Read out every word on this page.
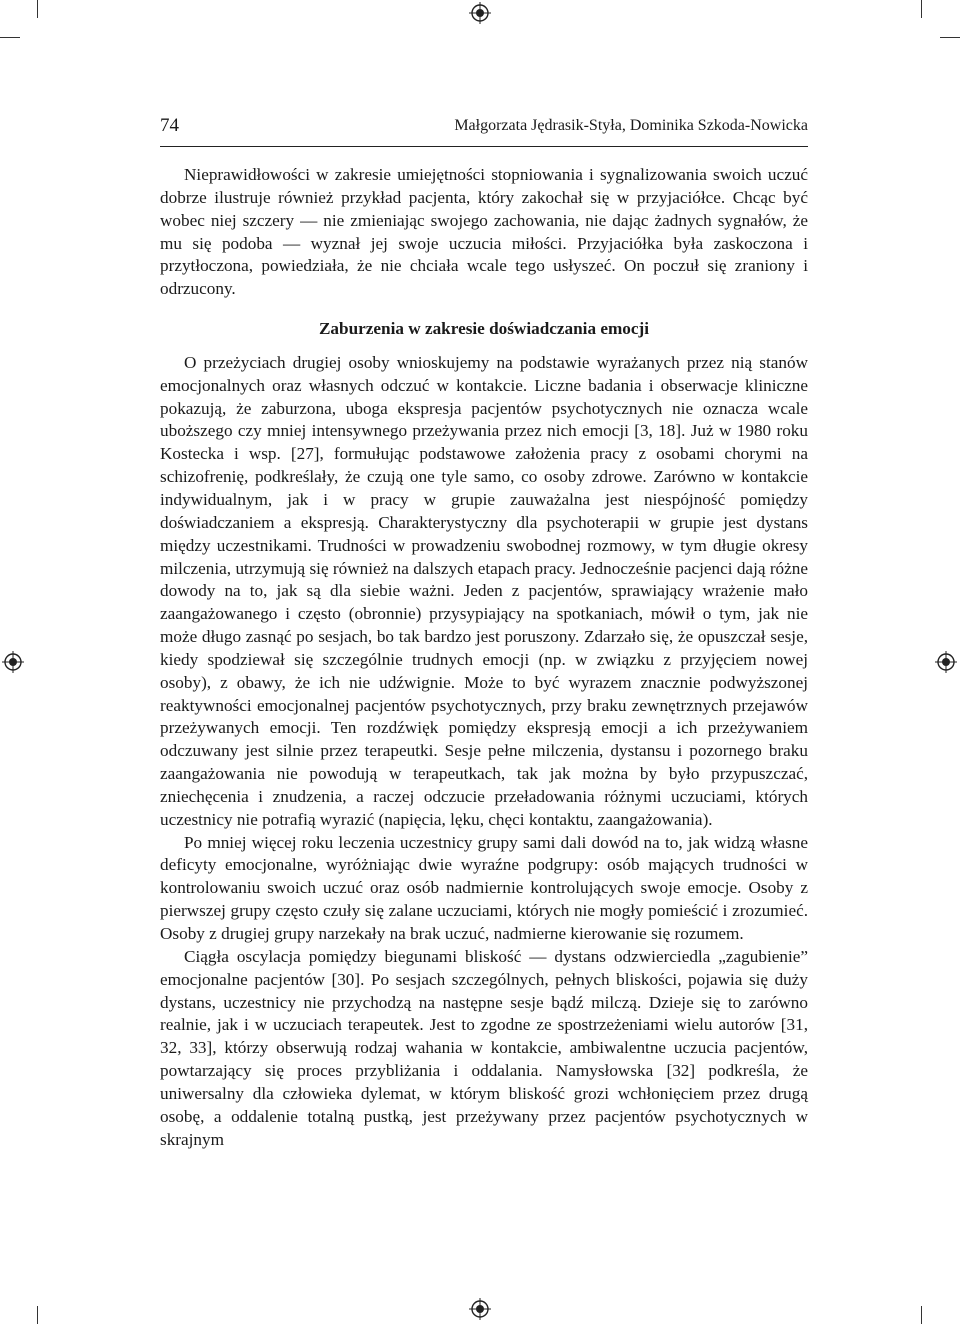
74	Małgorzata Jędrasik-Styła, Dominika Szkoda-Nowicka

Nieprawidłowości w zakresie umiejętności stopniowania i sygnalizowania swoich uczuć dobrze ilustruje również przykład pacjenta, który zakochał się w przyjaciółce. Chcąc być wobec niej szczery — nie zmieniając swojego zachowania, nie dając żadnych sygnałów, że mu się podoba — wyznał jej swoje uczucia miłości. Przyjaciółka była zaskoczona i przytłoczona, powiedziała, że nie chciała wcale tego usłyszeć. On poczuł się zraniony i odrzucony.

Zaburzenia w zakresie doświadczania emocji

O przeżyciach drugiej osoby wnioskujemy na podstawie wyrażanych przez nią stanów emocjonalnych oraz własnych odczuć w kontakcie. Liczne badania i obserwacje kliniczne pokazują, że zaburzona, uboga ekspresja pacjentów psychotycznych nie oznacza wcale uboższego czy mniej intensywnego przeżywania przez nich emocji [3, 18]. Już w 1980 roku Kostecka i wsp. [27], formułując podstawowe założenia pracy z osobami chorymi na schizofrenię, podkreślały, że czują one tyle samo, co osoby zdrowe. Zarówno w kontakcie indywidualnym, jak i w pracy w grupie zauważalna jest niespójność pomiędzy doświadczaniem a ekspresją. Charakterystyczny dla psychoterapii w grupie jest dystans między uczestnikami. Trudności w prowadzeniu swobodnej rozmowy, w tym długie okresy milczenia, utrzymują się również na dalszych etapach pracy. Jednocześnie pacjenci dają różne dowody na to, jak są dla siebie ważni. Jeden z pacjentów, sprawiający wrażenie mało zaangażowanego i często (obronnie) przysypiający na spotkaniach, mówił o tym, jak nie może długo zasnąć po sesjach, bo tak bardzo jest poruszony. Zdarzało się, że opuszczał sesje, kiedy spodziewał się szczególnie trudnych emocji (np. w związku z przyjęciem nowej osoby), z obawy, że ich nie udźwignie. Może to być wyrazem znacznie podwyższonej reaktywności emocjonalnej pacjentów psychotycznych, przy braku zewnętrznych przejawów przeżywanych emocji. Ten rozdźwięk pomiędzy ekspresją emocji a ich przeżywaniem odczuwany jest silnie przez terapeutki. Sesje pełne milczenia, dystansu i pozornego braku zaangażowania nie powodują w terapeutkach, tak jak można by było przypuszczać, zniechęcenia i znudzenia, a raczej odczucie przeładowania różnymi uczuciami, których uczestnicy nie potrafią wyrazić (napięcia, lęku, chęci kontaktu, zaangażowania).

Po mniej więcej roku leczenia uczestnicy grupy sami dali dowód na to, jak widzą własne deficyty emocjonalne, wyróżniając dwie wyraźne podgrupy: osób mających trudności w kontrolowaniu swoich uczuć oraz osób nadmiernie kontrolujących swoje emocje. Osoby z pierwszej grupy często czuły się zalane uczuciami, których nie mogły pomieścić i zrozumieć. Osoby z drugiej grupy narzekały na brak uczuć, nadmierne kierowanie się rozumem.

Ciągła oscylacja pomiędzy biegunami bliskość — dystans odzwierciedla „zagubienie” emocjonalne pacjentów [30]. Po sesjach szczególnych, pełnych bliskości, pojawia się duży dystans, uczestnicy nie przychodzą na następne sesje bądź milczą. Dzieje się to zarówno realnie, jak i w uczuciach terapeutek. Jest to zgodne ze spostrzeżeniami wielu autorów [31, 32, 33], którzy obserwują rodzaj wahania w kontakcie, ambiwalentne uczucia pacjentów, powtarzający się proces przybliżania i oddalania. Namysłowska [32] podkreśla, że uniwersalny dla człowieka dylemat, w którym bliskość grozi wchłonięciem przez drugą osobę, a oddalenie totalną pustką, jest przeżywany przez pacjentów psychotycznych w skrajnym
